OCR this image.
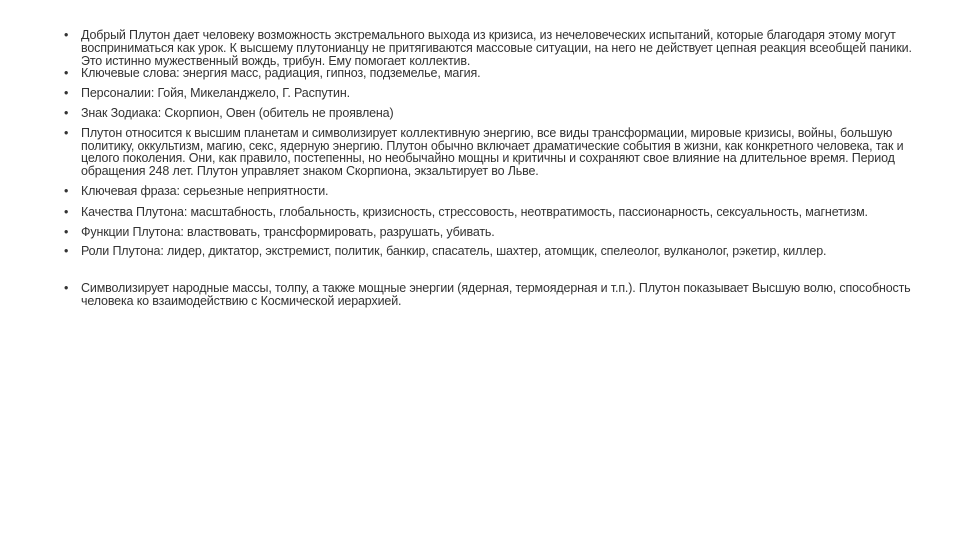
•	Добрый Плутон дает человеку возможность экстремального выхода из кризиса, из нечеловеческих испытаний, которые благодаря этому могут восприниматься как урок. К высшему плутонианцу не притягиваются массовые ситуации, на него не действует цепная реакция всеобщей паники. Это истинно мужественный вождь, трибун. Ему помогает коллектив.
•	Ключевые слова: энергия масс, радиация, гипноз, подземелье, магия.
•	Персоналии: Гойя, Микеланджело, Г. Распутин.
•	Знак Зодиака: Скорпион, Овен (обитель не проявлена)
•	Плутон относится к высшим планетам и символизирует коллективную энергию, все виды трансформации, мировые кризисы, войны, большую политику, оккультизм, магию, секс, ядерную энергию. Плутон обычно включает драматические события в жизни, как конкретного человека, так и целого поколения. Они, как правило, постепенны, но необычайно мощны и критичны и сохраняют свое влияние на длительное время. Период обращения 248 лет. Плутон управляет знаком Скорпиона, экзальтирует во Льве.
•	Ключевая фраза: серьезные неприятности.
•	Качества Плутона: масштабность, глобальность, кризисность, стрессовость, неотвратимость, пассионарность, сексуальность, магнетизм.
•	Функции Плутона: властвовать, трансформировать, разрушать, убивать.
•	Роли Плутона: лидер, диктатор, экстремист, политик, банкир, спасатель, шахтер, атомщик, спелеолог, вулканолог, рэкетир, киллер.
•	Символизирует народные массы, толпу, а также мощные энергии (ядерная, термоядерная и т.п.). Плутон показывает Высшую волю, способность человека ко взаимодействию с Космической иерархией.
